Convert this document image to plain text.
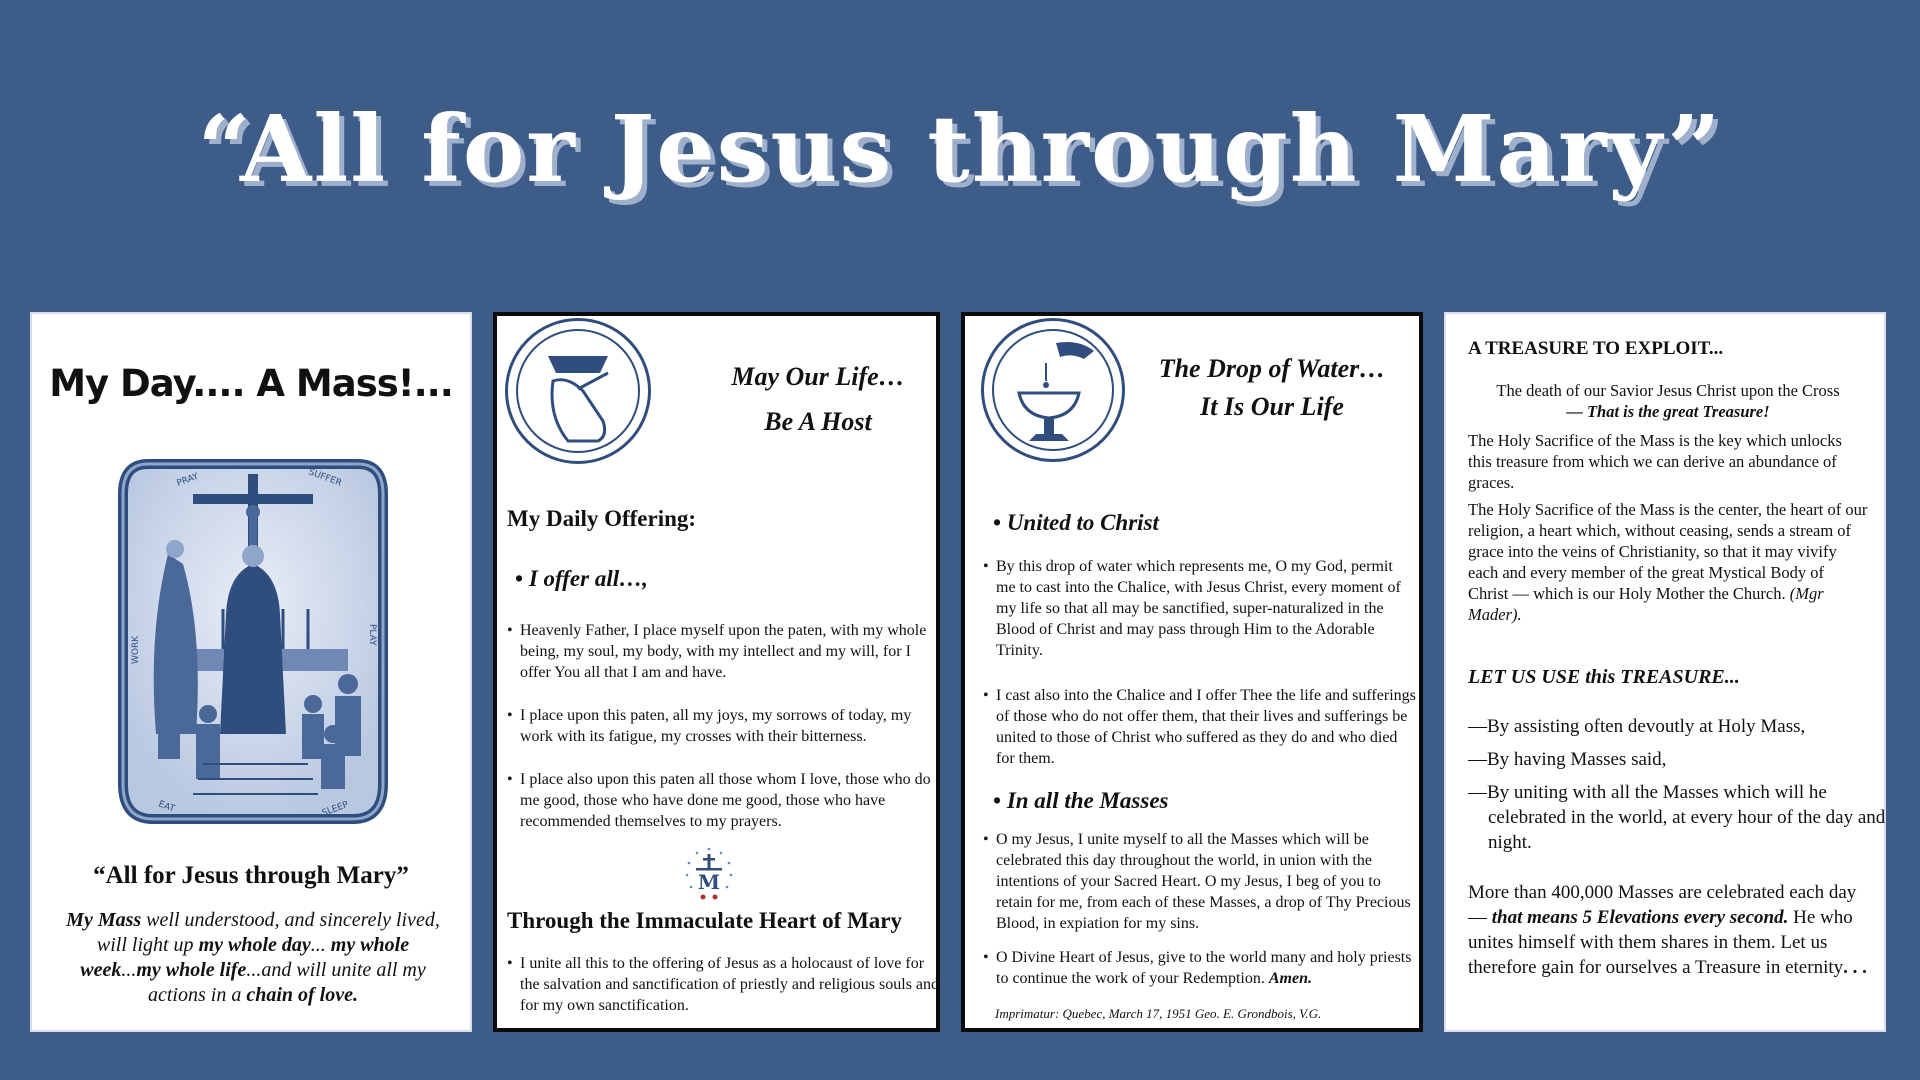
“All for Jesus through Mary”
My Day.... A Mass!...
PRAY	SUFFER
WORK
PLAY
EAT	SLEEP
“All for Jesus through Mary”
My Mass well understood, and sincerely lived, will light up my whole day... my whole week...my whole life...and will unite all my actions in a chain of love.
May Our Life…
Be A Host
My Daily Offering:
• I offer all…,
• Heavenly Father, I place myself upon the paten, with my whole being, my soul, my body, with my intellect and my will, for I offer You all that I am and have.
• I place upon this paten, all my joys, my sorrows of today, my work with its fatigue, my crosses with their bitterness.
• I place also upon this paten all those whom I love, those who do me good, those who have done me good, those who have recommended themselves to my prayers.
M
Through the Immaculate Heart of Mary
• I unite all this to the offering of Jesus as a holocaust of love for the salvation and sanctification of priestly and religious souls and for my own sanctification.
The Drop of Water…
It Is Our Life
• United to Christ
• By this drop of water which represents me, O my God, permit me to cast into the Chalice, with Jesus Christ, every moment of my life so that all may be sanctified, super-naturalized in the Blood of Christ and may pass through Him to the Adorable Trinity.
• I cast also into the Chalice and I offer Thee the life and sufferings of those who do not offer them, that their lives and sufferings be united to those of Christ who suffered as they do and who died for them.
• In all the Masses
• O my Jesus, I unite myself to all the Masses which will be celebrated this day throughout the world, in union with the intentions of your Sacred Heart. O my Jesus, I beg of you to retain for me, from each of these Masses, a drop of Thy Precious Blood, in expiation for my sins.
• O Divine Heart of Jesus, give to the world many and holy priests to continue the work of your Redemption. Amen.
Imprimatur: Quebec, March 17, 1951 Geo. E. Grondbois, V.G.
A TREASURE TO EXPLOIT...
The death of our Savior Jesus Christ upon the Cross
— That is the great Treasure!
The Holy Sacrifice of the Mass is the key which unlocks this treasure from which we can derive an abundance of graces.
The Holy Sacrifice of the Mass is the center, the heart of our religion, a heart which, without ceasing, sends a stream of grace into the veins of Christianity, so that it may vivify each and every member of the great Mystical Body of Christ — which is our Holy Mother the Church. (Mgr Mader).
LET US USE this TREASURE...
—By assisting often devoutly at Holy Mass,
—By having Masses said,
—By uniting with all the Masses which will he celebrated in the world, at every hour of the day and night.
More than 400,000 Masses are celebrated each day — that means 5 Elevations every second. He who unites himself with them shares in them. Let us therefore gain for ourselves a Treasure in eternity. . .
